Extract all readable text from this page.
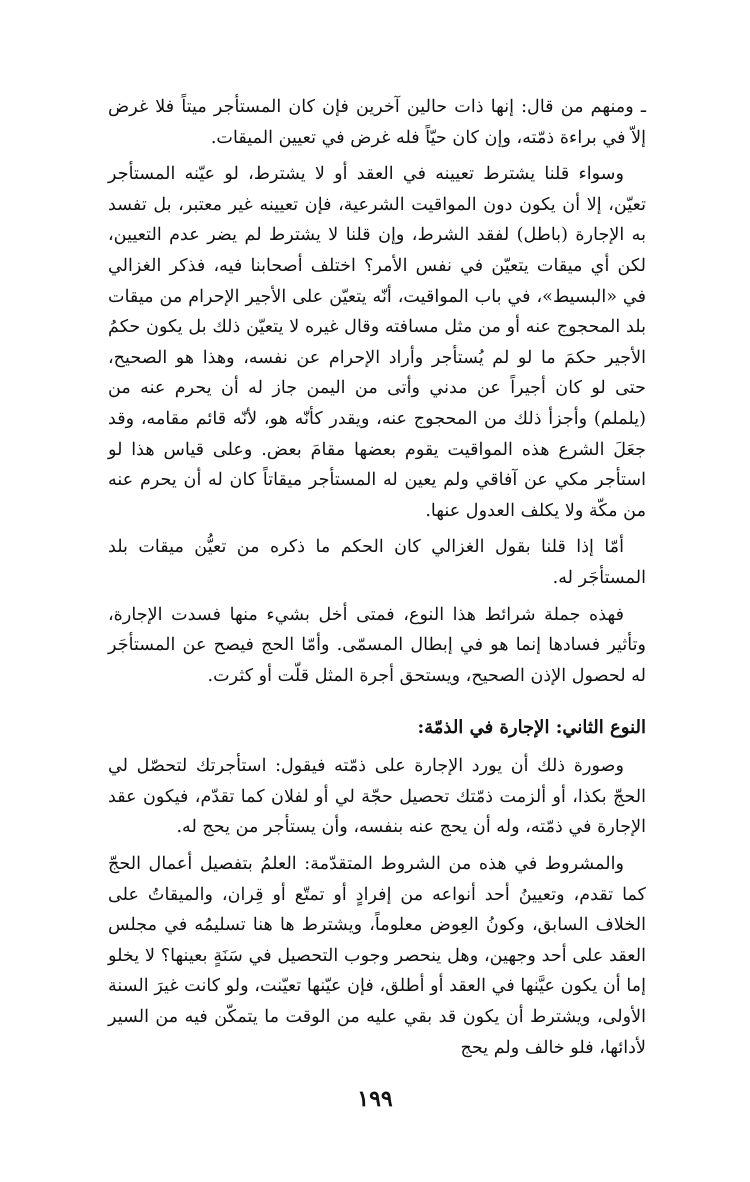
ـ ومنهم من قال: إنها ذات حالين آخرين فإن كان المستأجر ميتاً فلا غرض إلاّ في براءة ذمّته، وإن كان حيّاً فله غرض في تعيين الميقات.

وسواء قلنا يشترط تعيينه في العقد أو لا يشترط، لو عيّنه المستأجر تعيّن، إلا أن يكون دون المواقيت الشرعية، فإن تعيينه غير معتبر، بل تفسد به الإجارة (باطل) لفقد الشرط، وإن قلنا لا يشترط لم يضر عدم التعيين، لكن أي ميقات يتعيّن في نفس الأمر؟ اختلف أصحابنا فيه، فذكر الغزالي في «البسيط»، في باب المواقيت، أنّه يتعيّن على الأجير الإحرام من ميقات بلد المحجوج عنه أو من مثل مسافته وقال غيره لا يتعيّن ذلك بل يكون حكمُ الأجير حكمَ ما لو لم يُستأجر وأراد الإحرام عن نفسه، وهذا هو الصحيح، حتى لو كان أجيراً عن مدني وأتى من اليمن جاز له أن يحرم عنه من (يلملم) وأجزأ ذلك من المحجوج عنه، ويقدر كأنّه هو، لأنّه قائم مقامه، وقد جعَلَ الشرع هذه المواقيت يقوم بعضها مقامَ بعض. وعلى قياس هذا لو استأجر مكي عن آفاقي ولم يعين له المستأجر ميقاتاً كان له أن يحرم عنه من مكّة ولا يكلف العدول عنها.

أمّا إذا قلنا بقول الغزالي كان الحكم ما ذكره من تعيُّن ميقات بلد المستأجَر له.

فهذه جملة شرائط هذا النوع، فمتى أخل بشيء منها فسدت الإجارة، وتأثير فسادها إنما هو في إبطال المسمّى. وأمّا الحج فيصح عن المستأجَر له لحصول الإذن الصحيح، ويستحق أجرة المثل قلّت أو كثرت.

النوع الثاني: الإجارة في الذمّة:

وصورة ذلك أن يورد الإجارة على ذمّته فيقول: استأجرتك لتحصّل لي الحجّ بكذا، أو ألزمت ذمّتك تحصيل حجّة لي أو لفلان كما تقدّم، فيكون عقد الإجارة في ذمّته، وله أن يحج عنه بنفسه، وأن يستأجر من يحج له.

والمشروط في هذه من الشروط المتقدّمة: العلمُ بتفصيل أعمال الحجّ كما تقدم، وتعيينُ أحد أنواعه من إفرادٍ أو تمتّع أو قِران، والميقاتُ على الخلاف السابق، وكونُ العِوض معلوماً، ويشترط ها هنا تسليمُه في مجلس العقد على أحد وجهين، وهل ينحصر وجوب التحصيل في سَنَةٍ بعينها؟ لا يخلو إما أن يكون عيَّنها في العقد أو أطلق، فإن عيّنها تعيّنت، ولو كانت غيرَ السنة الأولى، ويشترط أن يكون قد بقي عليه من الوقت ما يتمكّن فيه من السير لأدائها، فلو خالف ولم يحج

١٩٩
